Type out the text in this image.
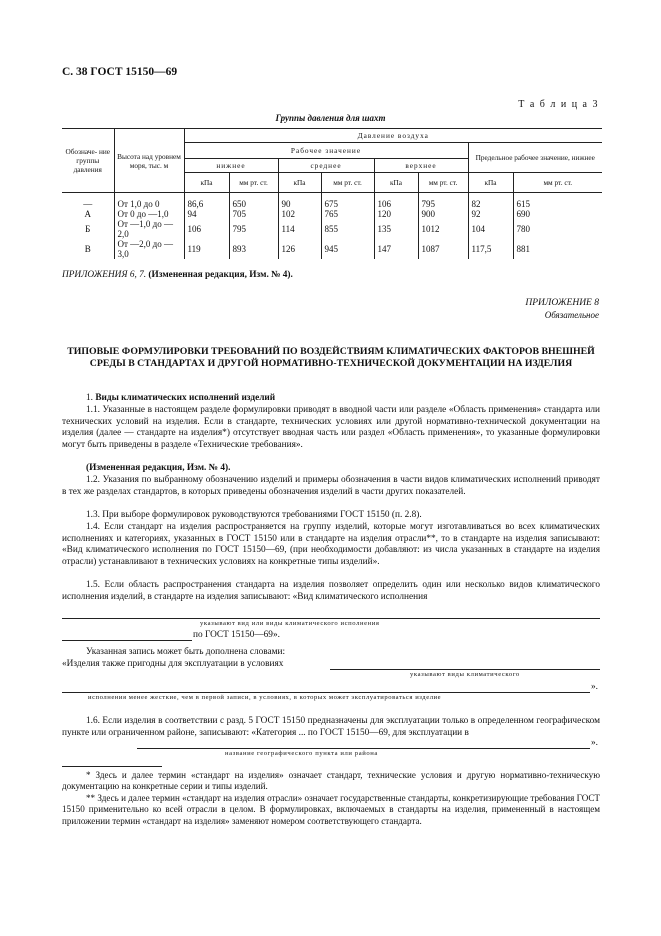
С. 38 ГОСТ 15150—69
Т а б л и ц а 3
Группы давления для шахт
Обозначе- ние группы давления	Высота над уровнем моря, тыс. м	Давление воздуха							
		Рабочее значение						Предельное рабочее значение, нижнее	
		нижнее		среднее		верхнее			
		кПа	мм рт. ст.	кПа	мм рт. ст.	кПа	мм рт. ст.	кПа	мм рт. ст.

—	От 1,0 до 0	86,6	650	90	675	106	795	82	615
А	От 0 до —1,0	94	705	102	765	120	900	92	690
Б	От —1,0 до —2,0	106	795	114	855	135	1012	104	780
В	От —2,0 до —3,0	119	893	126	945	147	1087	117,5	881
ПРИЛОЖЕНИЯ 6, 7. (Измененная редакция, Изм. № 4).
ПРИЛОЖЕНИЕ 8
Обязательное
ТИПОВЫЕ ФОРМУЛИРОВКИ ТРЕБОВАНИЙ ПО ВОЗДЕЙСТВИЯМ КЛИМАТИЧЕСКИХ ФАКТОРОВ ВНЕШНЕЙ СРЕДЫ В СТАНДАРТАХ И ДРУГОЙ НОРМАТИВНО-ТЕХНИЧЕСКОЙ ДОКУМЕНТАЦИИ НА ИЗДЕЛИЯ
1. Виды климатических исполнений изделий
1.1. Указанные в настоящем разделе формулировки приводят в вводной части или разделе «Область применения» стандарта или технических условий на изделия. Если в стандарте, технических условиях или другой нормативно-технической документации на изделия (далее — стандарте на изделия*) отсутствует вводная часть или раздел «Область применения», то указанные формулировки могут быть приведены в разделе «Технические требования».
(Измененная редакция, Изм. № 4).
1.2. Указания по выбранному обозначению изделий и примеры обозначения в части видов климатических исполнений приводят в тех же разделах стандартов, в которых приведены обозначения изделий в части других показателей.
1.3. При выборе формулировок руководствуются требованиями ГОСТ 15150 (п. 2.8).
1.4. Если стандарт на изделия распространяется на группу изделий, которые могут изготавливаться во всех климатических исполнениях и категориях, указанных в ГОСТ 15150 или в стандарте на изделия отрасли**, то в стандарте на изделия записывают: «Вид климатического исполнения по ГОСТ 15150—69, (при необходимости добавляют: из числа указанных в стандарте на изделия отрасли) устанавливают в технических условиях на конкретные типы изделий».
1.5. Если область распространения стандарта на изделия позволяет определить один или несколько видов климатического исполнения изделий, в стандарте на изделия записывают: «Вид климатического исполнения
указывают вид или виды климатического исполнения
по ГОСТ 15150—69».
Указанная запись может быть дополнена словами:
«Изделия также пригодны для эксплуатации в условиях
указывают виды климатического
».
исполнения менее жесткие, чем в первой записи, в условиях, в которых может эксплуатироваться изделие
1.6. Если изделия в соответствии с разд. 5 ГОСТ 15150 предназначены для эксплуатации только в определенном географическом пункте или ограниченном районе, записывают: «Категория ... по ГОСТ 15150—69, для эксплуатации в
».
название географического пункта или района
* Здесь и далее термин «стандарт на изделия» означает стандарт, технические условия и другую нормативно-техническую документацию на конкретные серии и типы изделий.
** Здесь и далее термин «стандарт на изделия отрасли» означает государственные стандарты, конкретизирующие требования ГОСТ 15150 применительно ко всей отрасли в целом. В формулировках, включаемых в стандарты на изделия, примененный в настоящем приложении термин «стандарт на изделия» заменяют номером соответствующего стандарта.
